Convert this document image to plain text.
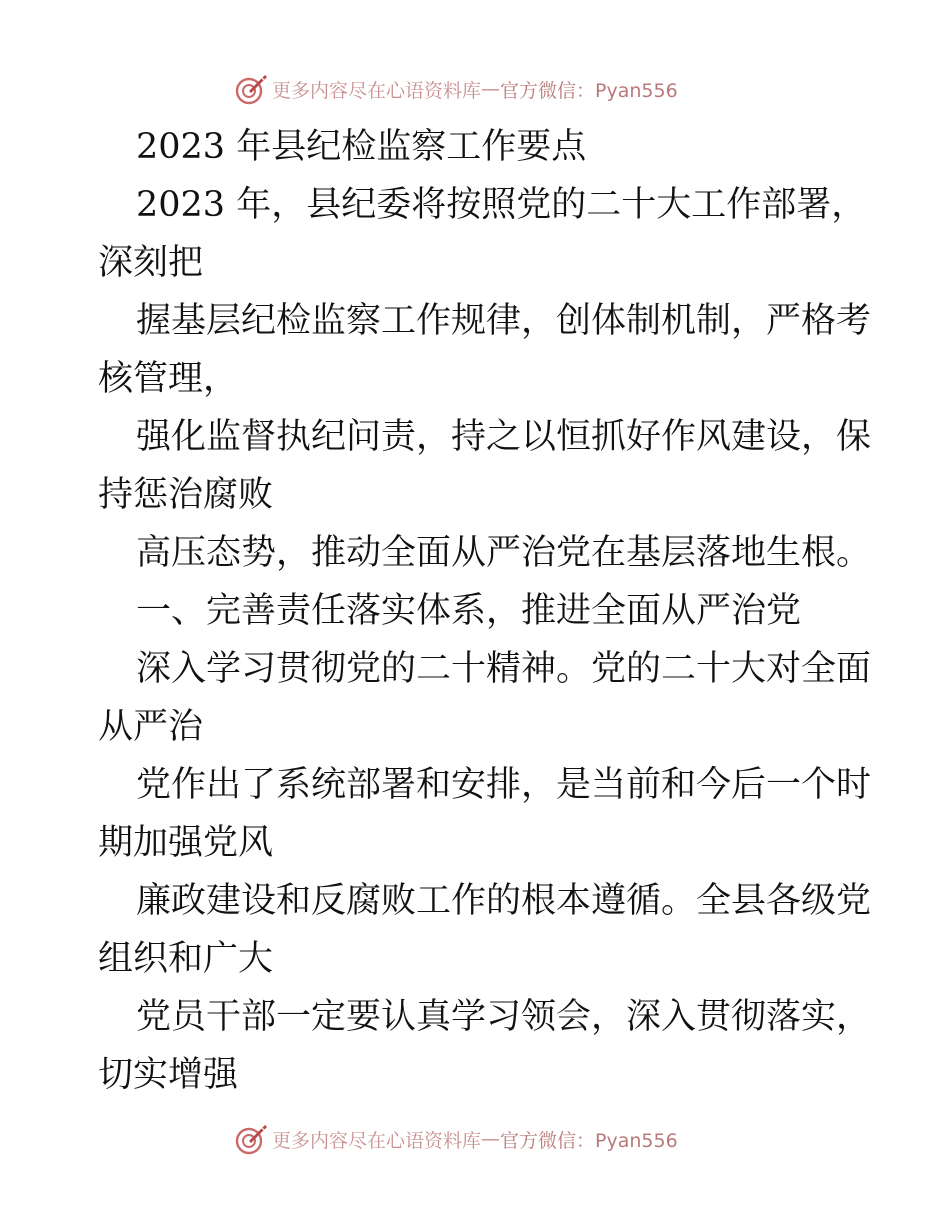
更多内容尽在心语资料库 — 官方微信：Pyan556
2023 年县纪检监察工作要点
2023 年，县纪委将按照党的二十大工作部署，
深刻把
握基层纪检监察工作规律，创体制机制，严格考
核管理，
强化监督执纪问责，持之以恒抓好作风建设，保
持惩治腐败
高压态势，推动全面从严治党在基层落地生根。
一、完善责任落实体系，推进全面从严治党
深入学习贯彻党的二十精神。党的二十大对全面
从严治
党作出了系统部署和安排，是当前和今后一个时
期加强党风
廉政建设和反腐败工作的根本遵循。全县各级党
组织和广大
党员干部一定要认真学习领会，深入贯彻落实，
切实增强
更多内容尽在心语资料库 — 官方微信：Pyan556
